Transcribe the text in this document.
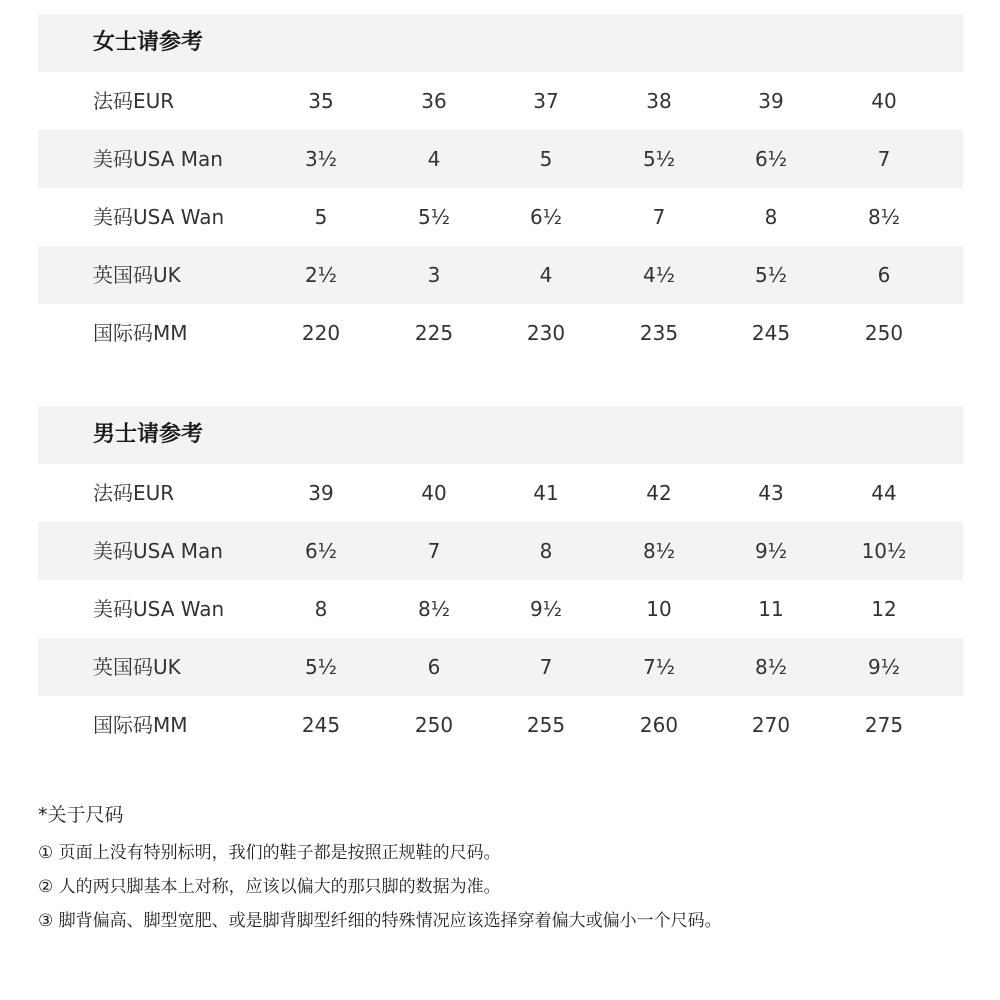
女士请参考
法码EUR	35	36	37	38	39	40
美码USA Man	3½	4	5	5½	6½	7
美码USA Wan	5	5½	6½	7	8	8½
英国码UK	2½	3	4	4½	5½	6
国际码MM	220	225	230	235	245	250
男士请参考
法码EUR	39	40	41	42	43	44
美码USA Man	6½	7	8	8½	9½	10½
美码USA Wan	8	8½	9½	10	11	12
英国码UK	5½	6	7	7½	8½	9½
国际码MM	245	250	255	260	270	275
*关于尺码
① 页面上没有特别标明，我们的鞋子都是按照正规鞋的尺码。
② 人的两只脚基本上对称，应该以偏大的那只脚的数据为准。
③ 脚背偏高、脚型宽肥、或是脚背脚型纤细的特殊情况应该选择穿着偏大或偏小一个尺码。
